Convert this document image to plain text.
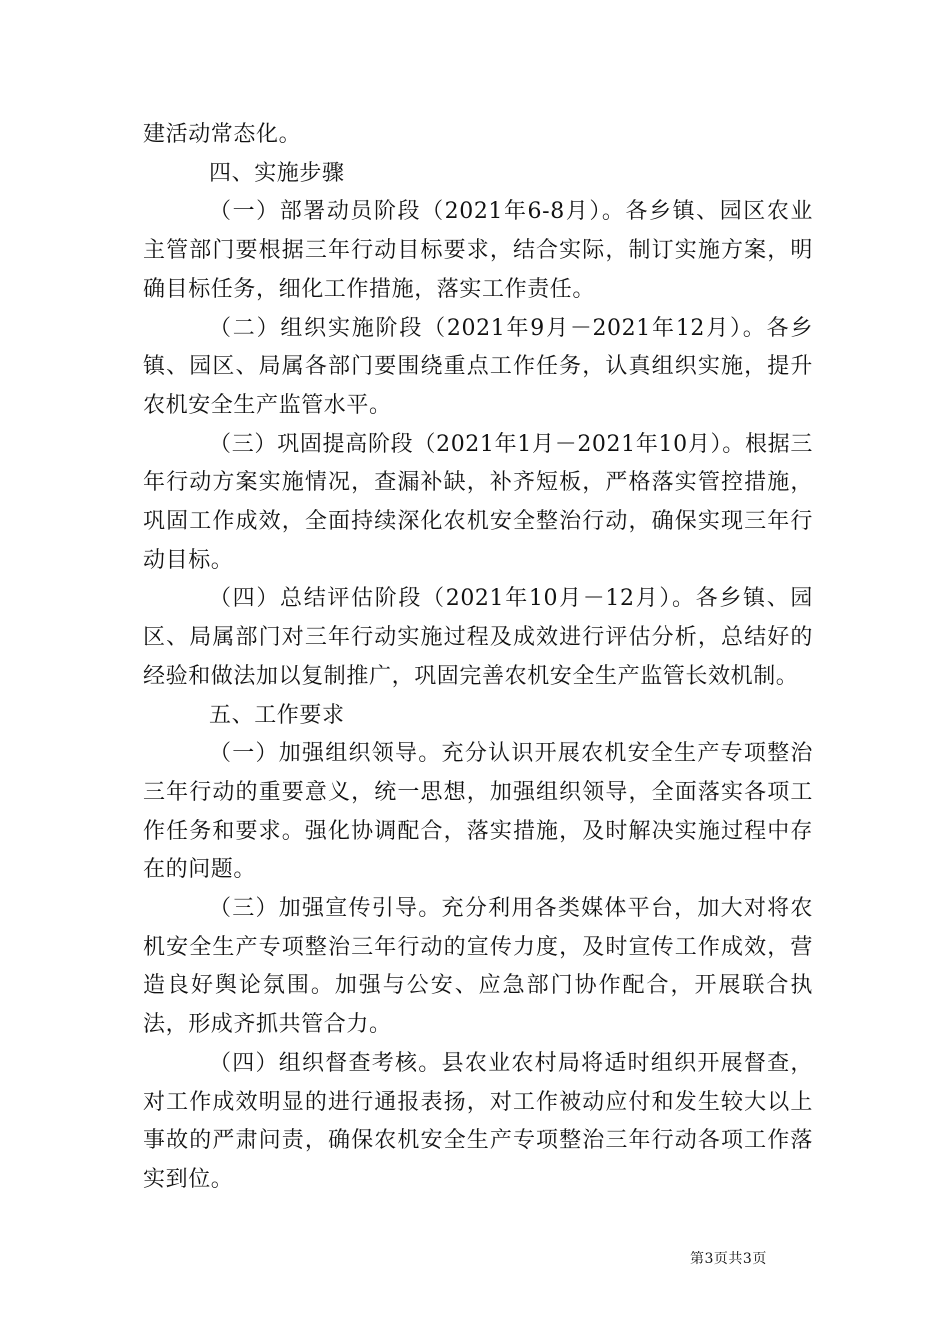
建活动常态化。

四、实施步骤

（一）部署动员阶段（2021年6-8月）。各乡镇、园区农业主管部门要根据三年行动目标要求，结合实际，制订实施方案，明确目标任务，细化工作措施，落实工作责任。

（二）组织实施阶段（2021年9月－2021年12月）。各乡镇、园区、局属各部门要围绕重点工作任务，认真组织实施，提升农机安全生产监管水平。

（三）巩固提高阶段（2021年1月－2021年10月）。根据三年行动方案实施情况，查漏补缺，补齐短板，严格落实管控措施，巩固工作成效，全面持续深化农机安全整治行动，确保实现三年行动目标。

（四）总结评估阶段（2021年10月－12月）。各乡镇、园区、局属部门对三年行动实施过程及成效进行评估分析，总结好的经验和做法加以复制推广，巩固完善农机安全生产监管长效机制。

五、工作要求

（一）加强组织领导。充分认识开展农机安全生产专项整治三年行动的重要意义，统一思想，加强组织领导，全面落实各项工作任务和要求。强化协调配合，落实措施，及时解决实施过程中存在的问题。

（三）加强宣传引导。充分利用各类媒体平台，加大对将农机安全生产专项整治三年行动的宣传力度，及时宣传工作成效，营造良好舆论氛围。加强与公安、应急部门协作配合，开展联合执法，形成齐抓共管合力。

（四）组织督查考核。县农业农村局将适时组织开展督查，对工作成效明显的进行通报表扬，对工作被动应付和发生较大以上事故的严肃问责，确保农机安全生产专项整治三年行动各项工作落实到位。

第3页共3页
